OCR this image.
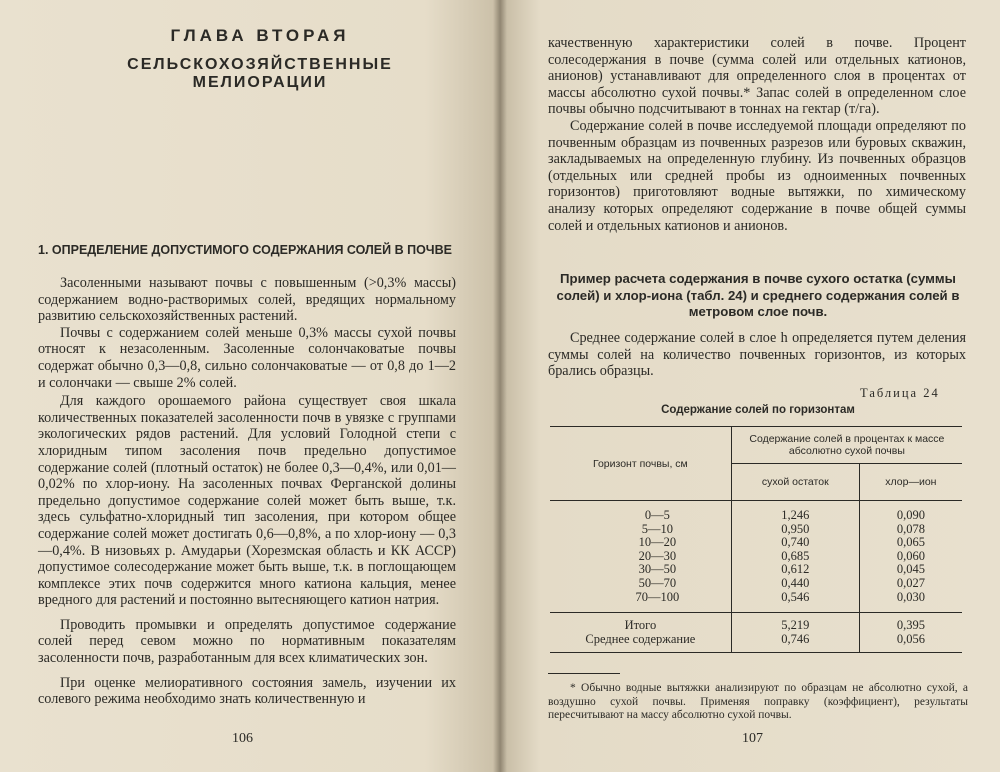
ГЛАВА ВТОРАЯ
СЕЛЬСКОХОЗЯЙСТВЕННЫЕ МЕЛИОРАЦИИ
1. ОПРЕДЕЛЕНИЕ ДОПУСТИМОГО СОДЕРЖАНИЯ СОЛЕЙ В ПОЧВЕ

Засоленными называют почвы с повышенным (>0,3% массы) содержанием водно-растворимых солей, вредящих нормальному развитию сельскохозяйственных растений.

Почвы с содержанием солей меньше 0,3% массы сухой почвы относят к незасоленным. Засоленные солончаковатые почвы содержат обычно 0,3—0,8, сильно солончаковатые — от 0,8 до 1—2 и солончаки — свыше 2% солей.

Для каждого орошаемого района существует своя шкала количественных показателей засоленности почв в увязке с группами экологических рядов растений. Для условий Голодной степи с хлоридным типом засоления почв предельно допустимое содержание солей (плотный остаток) не более 0,3—0,4%, или 0,01—0,02% по хлор-иону. На засоленных почвах Ферганской долины предельно допустимое содержание солей может быть выше, т.к. здесь сульфатно-хлоридный тип засоления, при котором общее содержание солей может достигать 0,6—0,8%, а по хлор-иону — 0,3—0,4%. В низовьях р. Амударьи (Хорезмская область и КК АССР) допустимое солесодержание может быть выше, т.к. в поглощающем комплексе этих почв содержится много катиона кальция, менее вредного для растений и постоянно вытесняющего катион натрия.

Проводить промывки и определять допустимое содержание солей перед севом можно по нормативным показателям засоленности почв, разработанным для всех климатических зон.

При оценке мелиоративного состояния замель, изучении их солевого режима необходимо знать количественную и

106

качественную характеристики солей в почве. Процент солесодержания в почве (сумма солей или отдельных катионов, анионов) устанавливают для определенного слоя в процентах от массы абсолютно сухой почвы.* Запас солей в определенном слое почвы обычно подсчитывают в тоннах на гектар (т/га).

Содержание солей в почве исследуемой площади определяют по почвенным образцам из почвенных разрезов или буровых скважин, закладываемых на определенную глубину. Из почвенных образцов (отдельных или средней пробы из одноименных почвенных горизонтов) приготовляют водные вытяжки, по химическому анализу которых определяют содержание в почве общей суммы солей и отдельных катионов и анионов.

Пример расчета содержания в почве сухого остатка (суммы солей) и хлор-иона (табл. 24) и среднего содержания солей в метровом слое почв.

Среднее содержание солей в слое h определяется путем деления суммы солей на количество почвенных горизонтов, из которых брались образцы.

Таблица 24
Содержание солей по горизонтам
Горизонт почвы, см	Содержание солей в процентах к массе абсолютно сухой почвы	
	сухой остаток	хлор—ион

0—5	1,246	0,090
5—10	0,950	0,078
10—20	0,740	0,065
20—30	0,685	0,060
30—50	0,612	0,045
50—70	0,440	0,027
70—100	0,546	0,030

Итого	5,219	0,395
Среднее содержание	0,746	0,056

* Обычно водные вытяжки анализируют по образцам не абсолютно сухой, а воздушно сухой почвы. Применяя поправку (коэффициент), результаты пересчитывают на массу абсолютно сухой почвы.

107
